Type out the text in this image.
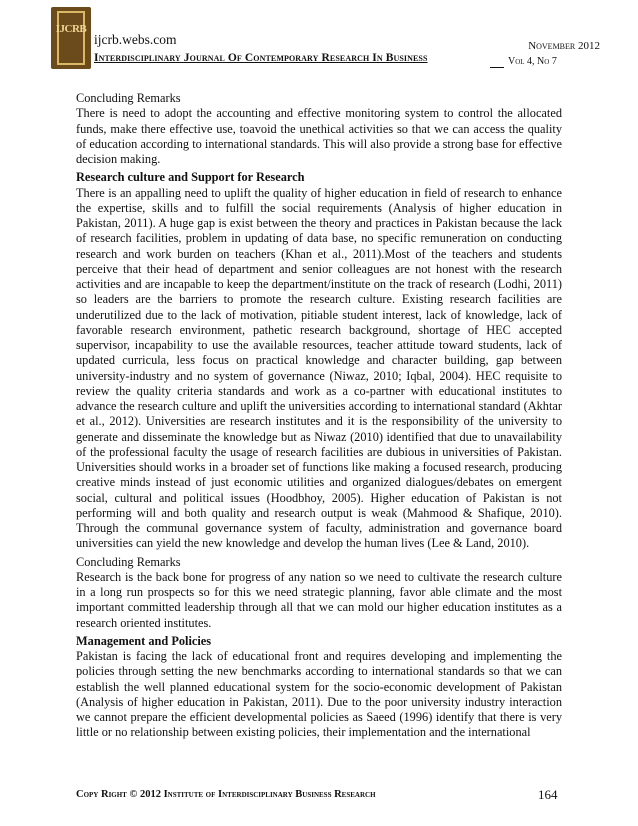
IJCRB
ijcrb.webs.com
Interdisciplinary Journal Of Contemporary Research In Business
November 2012
Vol 4, No 7

Concluding Remarks

There is need to adopt the accounting and effective monitoring system to control the allocated funds, make there effective use, toavoid the unethical activities so that we can access the quality of education according to international standards. This will also provide a strong base for effective decision making.

Research culture and Support for Research

There is an appalling need to uplift the quality of higher education in field of research to enhance the expertise, skills and to fulfill the social requirements (Analysis of higher education in Pakistan, 2011). A huge gap is exist between the theory and practices in Pakistan because the lack of research facilities, problem in updating of data base, no specific remuneration on conducting research and work burden on teachers (Khan et al., 2011).Most of the teachers and students perceive that their head of department and senior colleagues are not honest with the research activities and are incapable to keep the department/institute on the track of research (Lodhi, 2011) so leaders are the barriers to promote the research culture. Existing research facilities are underutilized due to the lack of motivation, pitiable student interest, lack of knowledge, lack of favorable research environment, pathetic research background, shortage of HEC accepted supervisor, incapability to use the available resources, teacher attitude toward students, lack of updated curricula, less focus on practical knowledge and character building, gap between university-industry and no system of governance (Niwaz, 2010; Iqbal, 2004). HEC requisite to review the quality criteria standards and work as a co-partner with educational institutes to advance the research culture and uplift the universities according to international standard (Akhtar et al., 2012). Universities are research institutes and it is the responsibility of the university to generate and disseminate the knowledge but as Niwaz (2010) identified that due to unavailability of the professional faculty the usage of research facilities are dubious in universities of Pakistan. Universities should works in a broader set of functions like making a focused research, producing creative minds instead of just economic utilities and organized dialogues/debates on emergent social, cultural and political issues (Hoodbhoy, 2005). Higher education of Pakistan is not performing will and both quality and research output is weak (Mahmood & Shafique, 2010). Through the communal governance system of faculty, administration and governance board universities can yield the new knowledge and develop the human lives (Lee & Land, 2010).

Concluding Remarks

Research is the back bone for progress of any nation so we need to cultivate the research culture in a long run prospects so for this we need strategic planning, favor able climate and the most important committed leadership through all that we can mold our higher education institutes as a research oriented institutes.

Management and Policies

Pakistan is facing the lack of educational front and requires developing and implementing the policies through setting the new benchmarks according to international standards so that we can establish the well planned educational system for the socio-economic development of Pakistan (Analysis of higher education in Pakistan, 2011). Due to the poor university industry interaction we cannot prepare the efficient developmental policies as Saeed (1996) identify that there is very little or no relationship between existing policies, their implementation and the international

Copy Right © 2012 Institute of Interdisciplinary Business Research	164
